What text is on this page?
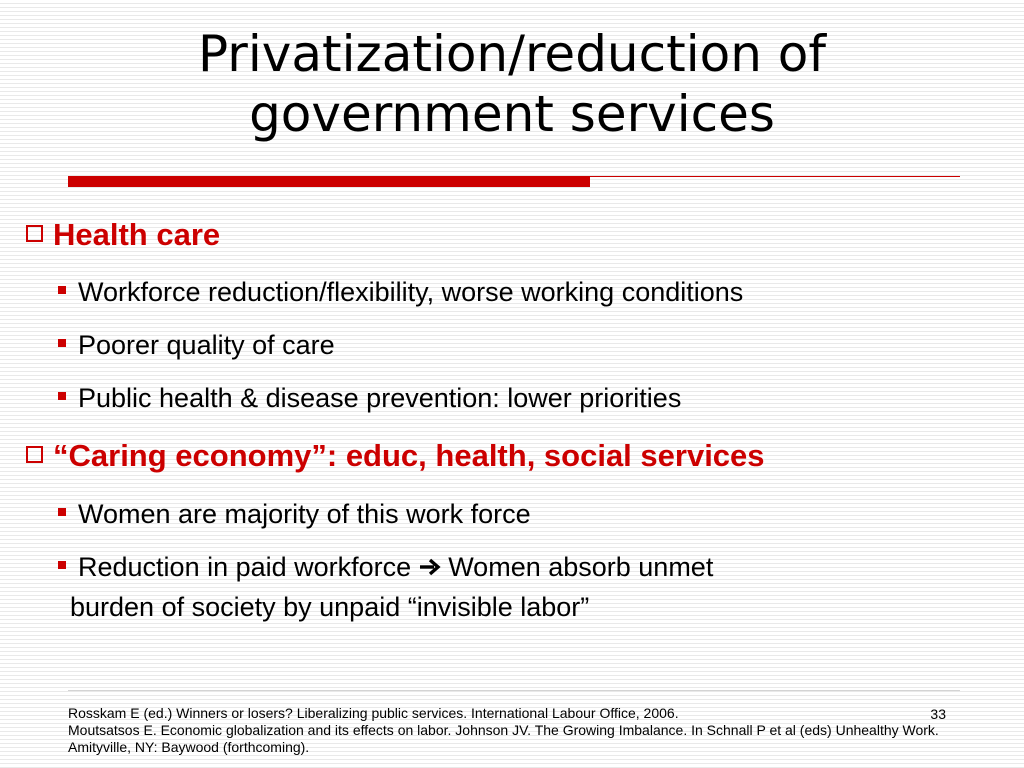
Privatization/reduction of
government services
Health care
Workforce reduction/flexibility, worse working conditions
Poorer quality of care
Public health & disease prevention: lower priorities
“Caring economy”: educ, health, social services
Women are majority of this work force
Reduction in paid workforce  Women absorb unmet
burden of society by unpaid “invisible labor”
Rosskam E (ed.) Winners or losers? Liberalizing public services. International Labour Office, 2006.
Moutsatsos E. Economic globalization and its effects on labor. Johnson JV. The Growing Imbalance. In Schnall P et al (eds) Unhealthy Work. Amityville, NY: Baywood (forthcoming).
33
